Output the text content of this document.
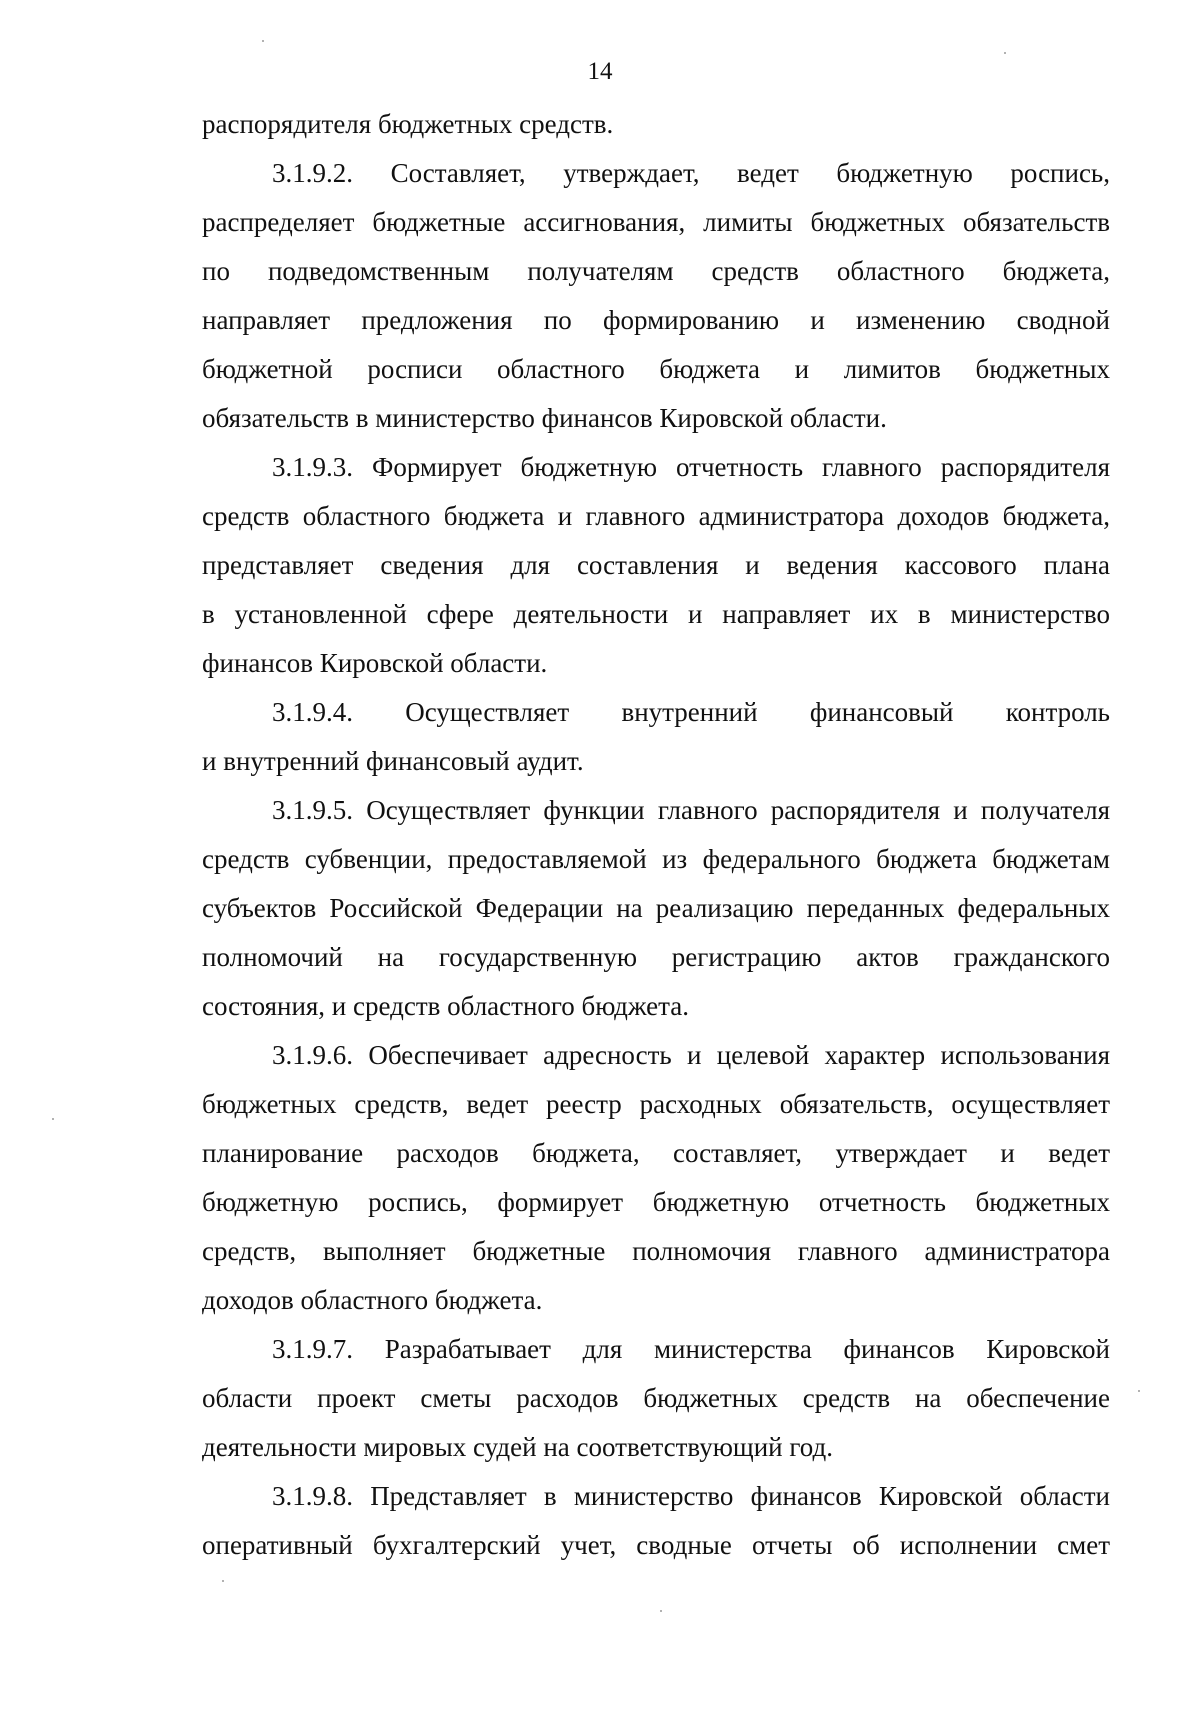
14

распорядителя бюджетных средств.

3.1.9.2. Составляет, утверждает, ведет бюджетную роспись,
распределяет бюджетные ассигнования, лимиты бюджетных обязательств
по подведомственным получателям средств областного бюджета,
направляет предложения по формированию и изменению сводной
бюджетной росписи областного бюджета и лимитов бюджетных
обязательств в министерство финансов Кировской области.

3.1.9.3. Формирует бюджетную отчетность главного распорядителя
средств областного бюджета и главного администратора доходов бюджета,
представляет сведения для составления и ведения кассового плана
в установленной сфере деятельности и направляет их в министерство
финансов Кировской области.

3.1.9.4. Осуществляет внутренний финансовый контроль
и внутренний финансовый аудит.

3.1.9.5. Осуществляет функции главного распорядителя и получателя
средств субвенции, предоставляемой из федерального бюджета бюджетам
субъектов Российской Федерации на реализацию переданных федеральных
полномочий на государственную регистрацию актов гражданского
состояния, и средств областного бюджета.

3.1.9.6. Обеспечивает адресность и целевой характер использования
бюджетных средств, ведет реестр расходных обязательств, осуществляет
планирование расходов бюджета, составляет, утверждает и ведет
бюджетную роспись, формирует бюджетную отчетность бюджетных
средств, выполняет бюджетные полномочия главного администратора
доходов областного бюджета.

3.1.9.7. Разрабатывает для министерства финансов Кировской
области проект сметы расходов бюджетных средств на обеспечение
деятельности мировых судей на соответствующий год.

3.1.9.8. Представляет в министерство финансов Кировской области
оперативный бухгалтерский учет, сводные отчеты об исполнении смет
